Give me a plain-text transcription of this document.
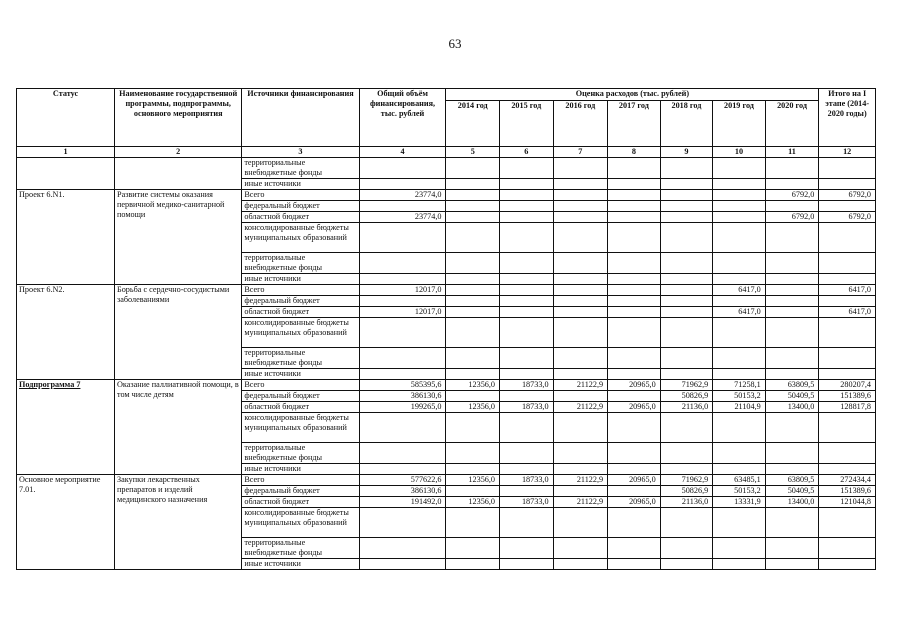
63
Статус	Наименование государственной программы, подпрограммы, основного мероприятия	Источники финансирования	Общий объём финансирования, тыс. рублей	Оценка расходов (тыс. рублей)							Итого на I этапе (2014-2020 годы)
				2014 год	2015 год	2016 год	2017 год	2018 год	2019 год	2020 год	
1	2	3	4	5	6	7	8	9	10	11	12
		территориальные внебюджетные фонды									
		иные источники									
Проект 6.N1.	Развитие системы оказания первичной медико-санитарной помощи	Всего	23774,0							6792,0	6792,0
		федеральный бюджет									
		областной бюджет	23774,0							6792,0	6792,0
		консолидированные бюджеты муниципальных образований									
		территориальные внебюджетные фонды									
		иные источники									
Проект 6.N2.	Борьба с сердечно-сосудистыми заболеваниями	Всего	12017,0						6417,0		6417,0
		федеральный бюджет									
		областной бюджет	12017,0						6417,0		6417,0
		консолидированные бюджеты муниципальных образований									
		территориальные внебюджетные фонды									
		иные источники									
Подпрограмма 7	Оказание паллиативной помощи, в том числе детям	Всего	585395,6	12356,0	18733,0	21122,9	20965,0	71962,9	71258,1	63809,5	280207,4
		федеральный бюджет	386130,6					50826,9	50153,2	50409,5	151389,6
		областной бюджет	199265,0	12356,0	18733,0	21122,9	20965,0	21136,0	21104,9	13400,0	128817,8
		консолидированные бюджеты муниципальных образований									
		территориальные внебюджетные фонды									
		иные источники									
Основное мероприятие 7.01.	Закупки лекарственных препаратов и изделий медицинского назначения	Всего	577622,6	12356,0	18733,0	21122,9	20965,0	71962,9	63485,1	63809,5	272434,4
		федеральный бюджет	386130,6					50826,9	50153,2	50409,5	151389,6
		областной бюджет	191492,0	12356,0	18733,0	21122,9	20965,0	21136,0	13331,9	13400,0	121044,8
		консолидированные бюджеты муниципальных образований									
		территориальные внебюджетные фонды									
		иные источники									
